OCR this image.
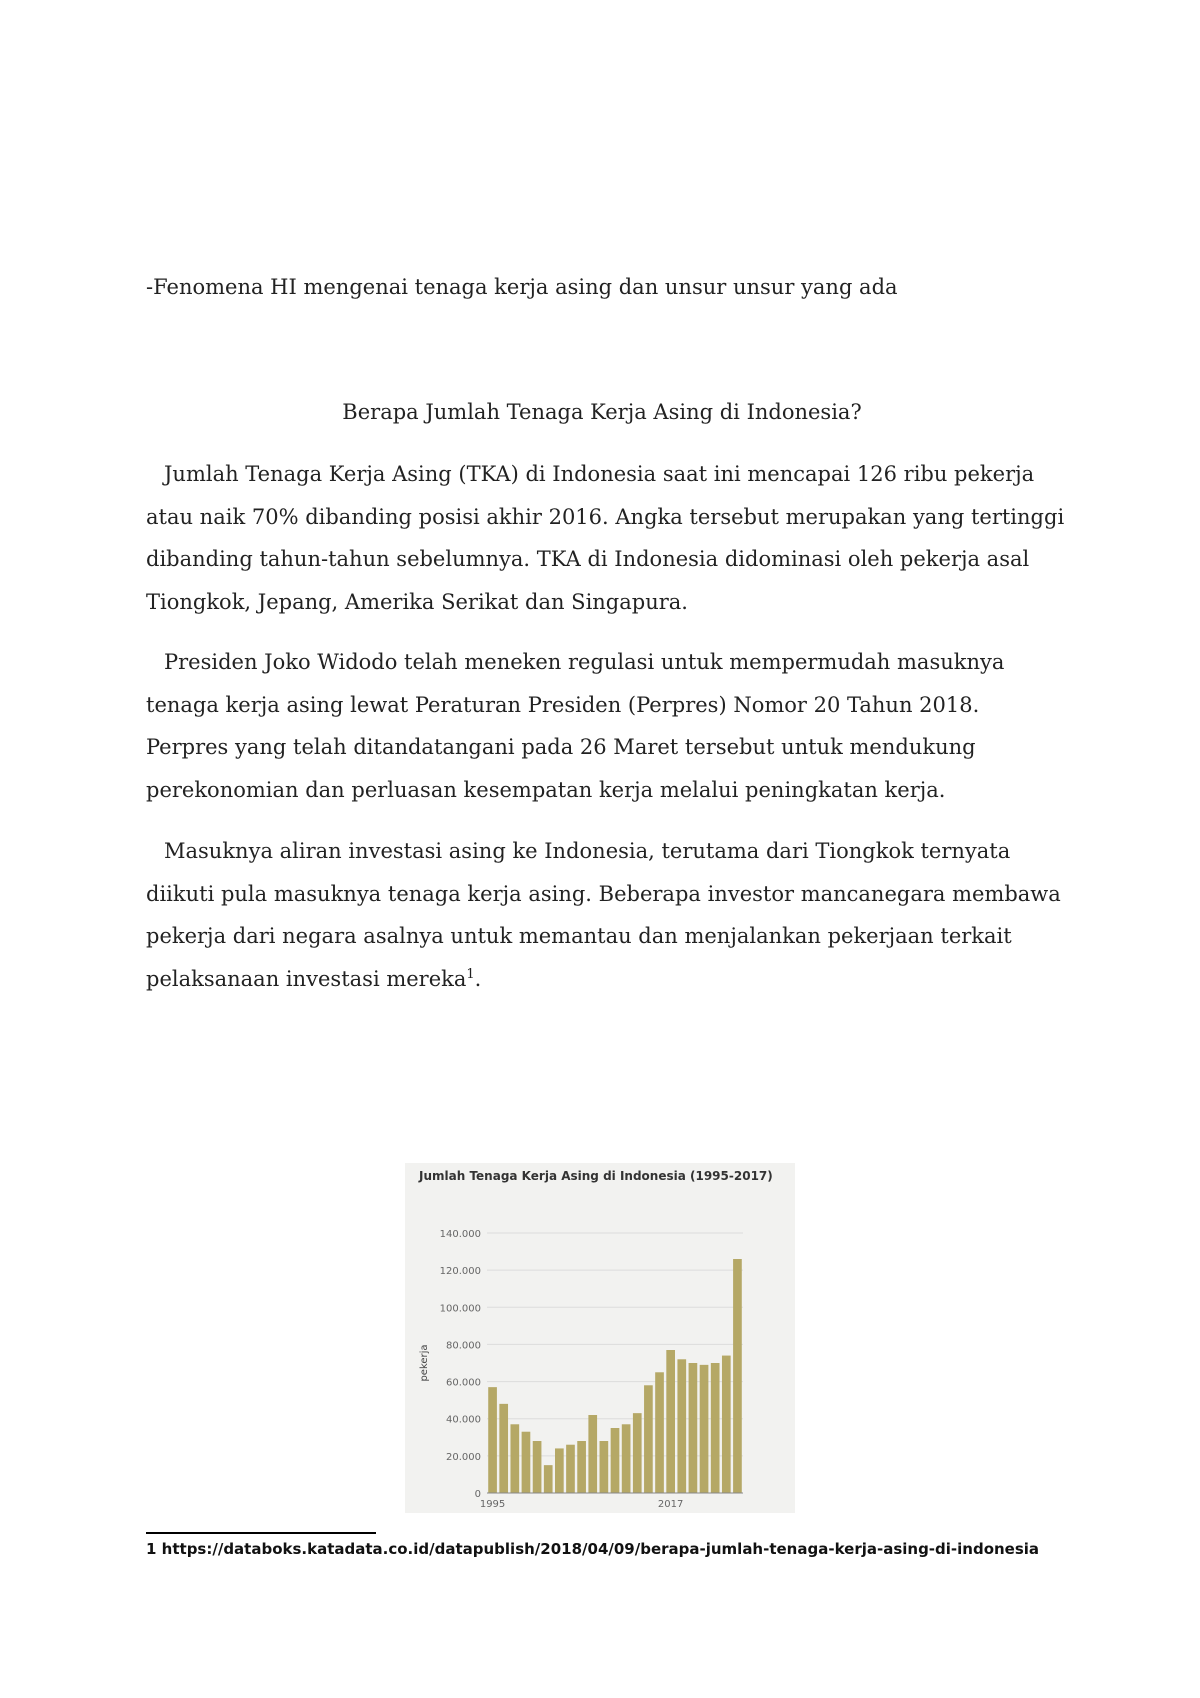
-Fenomena HI mengenai tenaga kerja asing dan unsur unsur yang ada
Berapa Jumlah Tenaga Kerja Asing di Indonesia?

Jumlah Tenaga Kerja Asing (TKA) di Indonesia saat ini mencapai 126 ribu pekerja atau naik 70% dibanding posisi akhir 2016. Angka tersebut merupakan yang tertinggi dibanding tahun-tahun sebelumnya. TKA di Indonesia didominasi oleh pekerja asal Tiongkok, Jepang, Amerika Serikat dan Singapura.

Presiden Joko Widodo telah meneken regulasi untuk mempermudah masuknya tenaga kerja asing lewat Peraturan Presiden (Perpres) Nomor 20 Tahun 2018. Perpres yang telah ditandatangani pada 26 Maret tersebut untuk mendukung perekonomian dan perluasan kesempatan kerja melalui peningkatan kerja.

Masuknya aliran investasi asing ke Indonesia, terutama dari Tiongkok ternyata diikuti pula masuknya tenaga kerja asing. Beberapa investor mancanegara membawa pekerja dari negara asalnya untuk memantau dan menjalankan pekerjaan terkait pelaksanaan investasi mereka$^1$.

0
20.000
40.000
60.000
80.000
100.000
120.000
140.000
pekerja
1995	2017
Jumlah Tenaga Kerja Asing di Indonesia (1995-2017)
1 https://databoks.katadata.co.id/datapublish/2018/04/09/berapa-jumlah-tenaga-kerja-asing-di-indonesia
